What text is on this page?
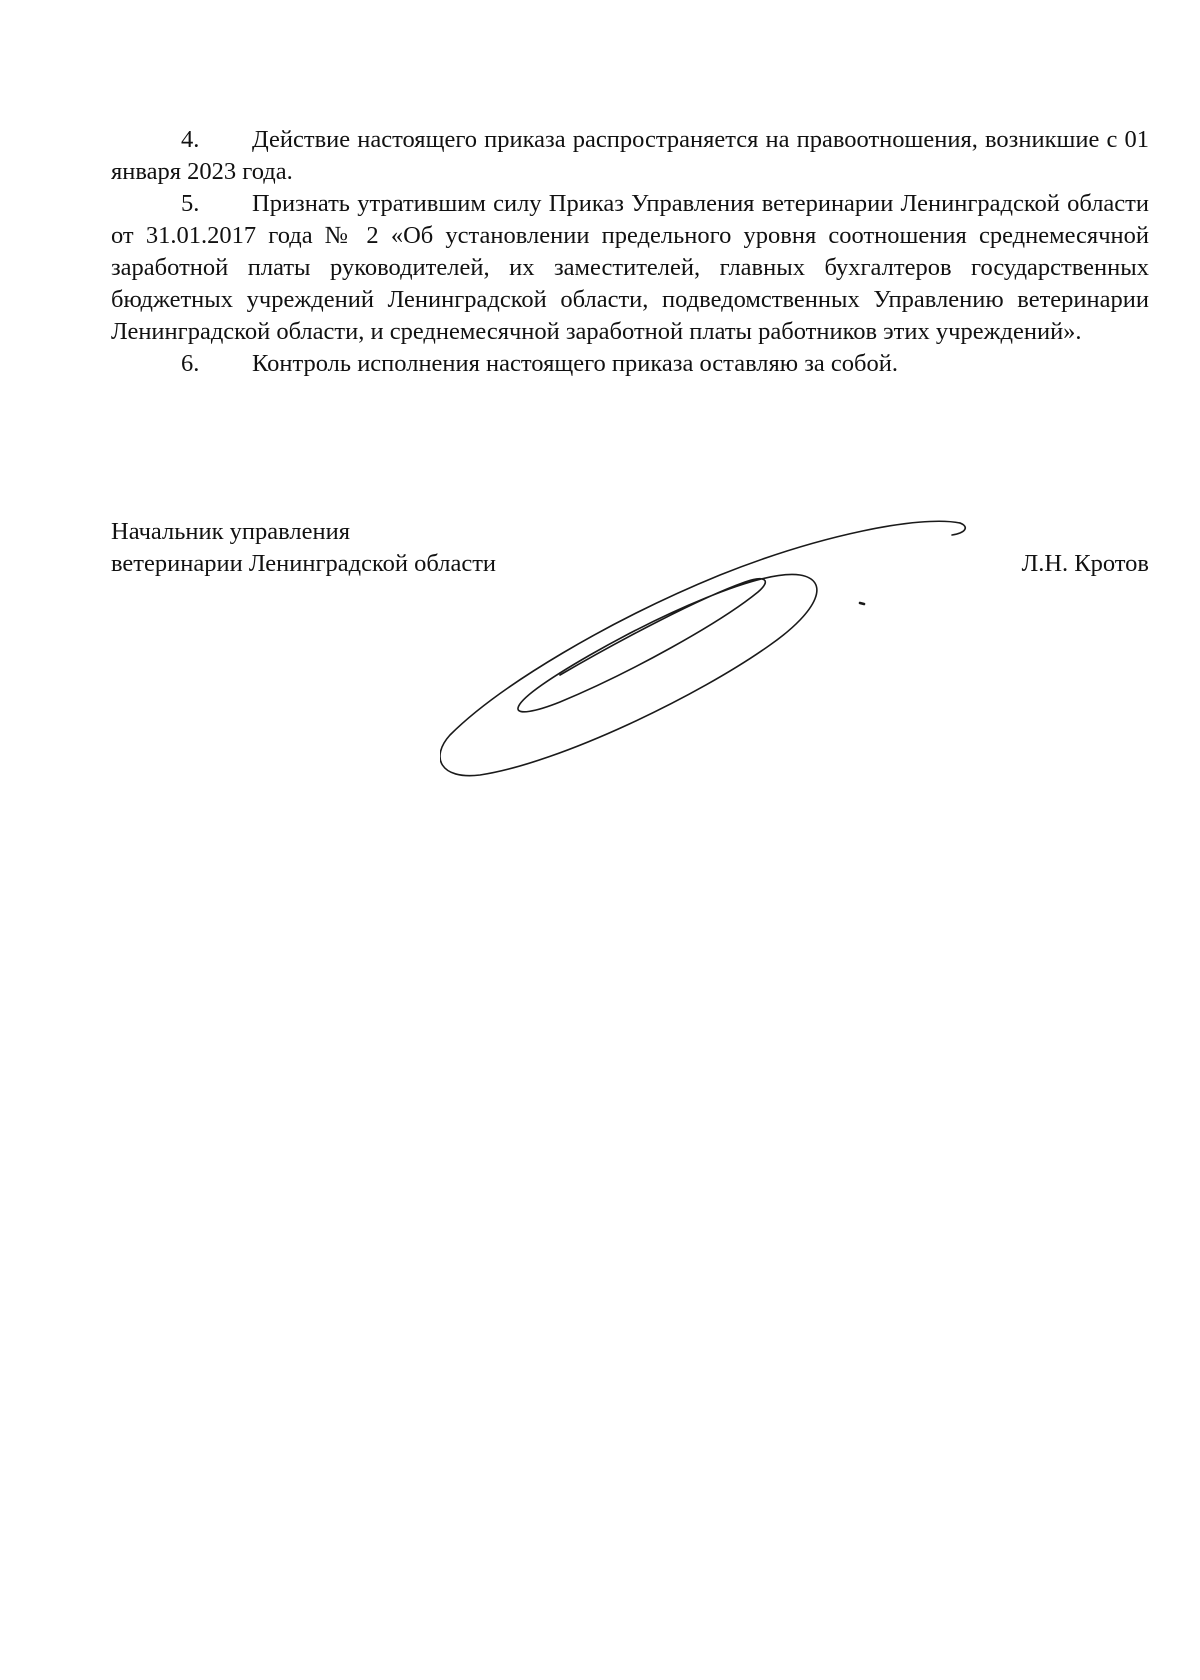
4. Действие настоящего приказа распространяется на правоотношения, возникшие с 01 января 2023 года.

5. Признать утратившим силу Приказ Управления ветеринарии Ленинградской области от 31.01.2017 года № 2 «Об установлении предельного уровня соотношения среднемесячной заработной платы руководителей, их заместителей, главных бухгалтеров государственных бюджетных учреждений Ленинградской области, подведомственных Управлению ветеринарии Ленинградской области, и среднемесячной заработной платы работников этих учреждений».

6. Контроль исполнения настоящего приказа оставляю за собой.

Начальник управления
ветеринарии Ленинградской области	Л.Н. Кротов
